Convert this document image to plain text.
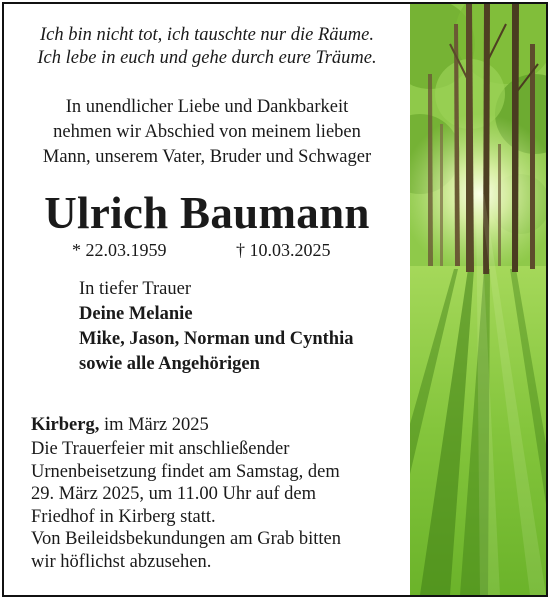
Ich bin nicht tot, ich tauschte nur die Räume.
Ich lebe in euch und gehe durch eure Träume.
In unendlicher Liebe und Dankbarkeit
nehmen wir Abschied von meinem lieben
Mann, unserem Vater, Bruder und Schwager
Ulrich Baumann
* 22.03.1959	† 10.03.2025
In tiefer Trauer
Deine Melanie
Mike, Jason, Norman und Cynthia
sowie alle Angehörigen
Kirberg, im März 2025
Die Trauerfeier mit anschließender
Urnenbeisetzung findet am Samstag, dem
29. März 2025, um 11.00 Uhr auf dem
Friedhof in Kirberg statt.
Von Beileidsbekundungen am Grab bitten
wir höflichst abzusehen.
